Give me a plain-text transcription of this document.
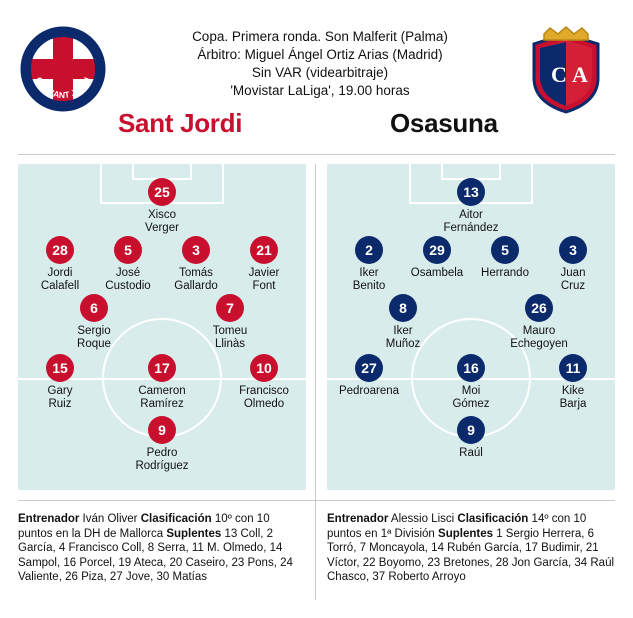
C.D. SANT JORDI	C A
Copa. Primera ronda. Son Malferit (Palma)
Árbitro: Miguel Ángel Ortiz Arias (Madrid)
Sin VAR (videarbitraje)
'Movistar LaLiga', 19.00 horas
Sant Jordi	Osasuna
25
Xisco
Verger
28
Jordi
Calafell
5
José
Custodio
3
Tomás
Gallardo
21
Javier
Font
6
Sergio
Roque
7
Tomeu
Llinàs
15
Gary
Ruiz
17
Cameron
Ramírez
10
Francisco
Olmedo
9
Pedro
Rodríguez
13
Aitor
Fernández
2
Iker
Benito
29
Osambela
5
Herrando
3
Juan
Cruz
8
Iker
Muñoz
26
Mauro
Echegoyen
27
Pedroarena
16
Moi
Gómez
11
Kike
Barja
9
Raúl
Entrenador Iván Oliver Clasificación 10º con 10 puntos en la DH de Mallorca Suplentes 13 Coll, 2 García, 4 Francisco Coll, 8 Serra, 11 M. Olmedo, 14 Sampol, 16 Porcel, 19 Ateca, 20 Caseiro, 23 Pons, 24 Valiente, 26 Piza, 27 Jove, 30 Matías
Entrenador Alessio Lisci Clasificación 14º con 10 puntos en 1ª División Suplentes 1 Sergio Herrera, 6 Torró, 7 Moncayola, 14 Rubén García, 17 Budimir, 21 Víctor, 22 Boyomo, 23 Bretones, 28 Jon García, 34 Raúl Chasco, 37 Roberto Arroyo
